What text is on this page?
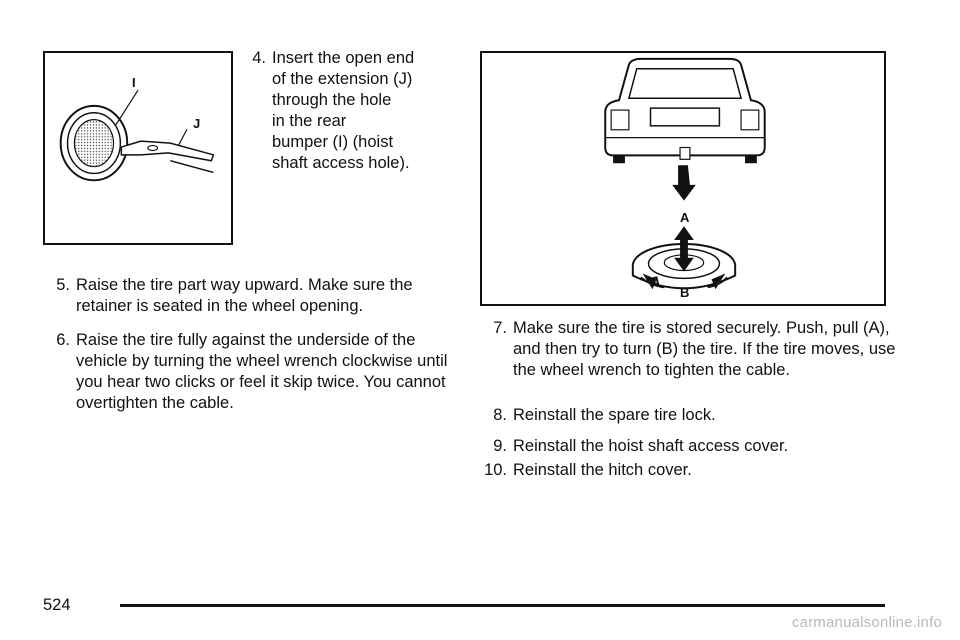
I
J
4. Insert the open end
of the extension (J)
through the hole
in the rear
bumper (I) (hoist
shaft access hole).
5. Raise the tire part way upward. Make sure the retainer is seated in the wheel opening.
6. Raise the tire fully against the underside of the vehicle by turning the wheel wrench clockwise until you hear two clicks or feel it skip twice. You cannot overtighten the cable.
A
B
7. Make sure the tire is stored securely. Push, pull (A), and then try to turn (B) the tire. If the tire moves, use the wheel wrench to tighten the cable.
8. Reinstall the spare tire lock.
9. Reinstall the hoist shaft access cover.
10. Reinstall the hitch cover.
524
carmanualsonline.info
